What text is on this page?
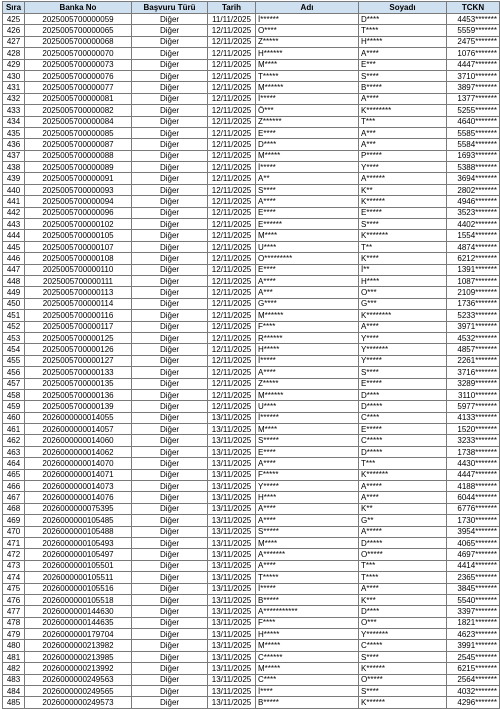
Sıra	Banka No	Başvuru Türü	Tarih	Adı	Soyadı	TCKN
425	2025005700000059	Diğer	11/11/2025	İ******	D****	4453*******
426	2025005700000065	Diğer	12/11/2025	O****	T****	5559*******
427	2025005700000068	Diğer	12/11/2025	Z*****	H*****	2475*******
428	2025005700000070	Diğer	12/11/2025	H******	A****	1076*******
429	2025005700000073	Diğer	12/11/2025	M****	E***	4447*******
430	2025005700000076	Diğer	12/11/2025	T*****	S****	3710*******
431	2025005700000077	Diğer	12/11/2025	M******	B*****	3897*******
432	2025005700000081	Diğer	12/11/2025	İ*****	A****	1377*******
433	2025005700000082	Diğer	12/11/2025	Ö***	K********	5255*******
434	2025005700000084	Diğer	12/11/2025	Z******	T***	4640*******
435	2025005700000085	Diğer	12/11/2025	E****	A***	5585*******
436	2025005700000087	Diğer	12/11/2025	D****	A***	5584*******
437	2025005700000088	Diğer	12/11/2025	M*****	P*****	1693*******
438	2025005700000089	Diğer	12/11/2025	İ*****	Y****	5388*******
439	2025005700000091	Diğer	12/11/2025	A**	A******	3694*******
440	2025005700000093	Diğer	12/11/2025	S****	K**	2802*******
441	2025005700000094	Diğer	12/11/2025	A****	K******	4946*******
442	2025005700000096	Diğer	12/11/2025	E****	E*****	3523*******
443	2025005700000102	Diğer	12/11/2025	E******	S****	4402*******
444	2025005700000105	Diğer	12/11/2025	M****	K*******	1554*******
445	2025005700000107	Diğer	12/11/2025	U****	T**	4874*******
446	2025005700000108	Diğer	12/11/2025	O*********	K****	6212*******
447	2025005700000110	Diğer	12/11/2025	E****	İ**	1391*******
448	2025005700000111	Diğer	12/11/2025	A****	H****	1087*******
449	2025005700000113	Diğer	12/11/2025	A***	O***	2109*******
450	2025005700000114	Diğer	12/11/2025	G****	G***	1736*******
451	2025005700000116	Diğer	12/11/2025	M******	K********	5233*******
452	2025005700000117	Diğer	12/11/2025	F****	A****	3971*******
453	2025005700000125	Diğer	12/11/2025	R******	Y****	4532*******
454	2025005700000126	Diğer	12/11/2025	H*****	Y*******	4857*******
455	2025005700000127	Diğer	12/11/2025	İ*****	Y*****	2261*******
456	2025005700000133	Diğer	12/11/2025	A****	S****	3716*******
457	2025005700000135	Diğer	12/11/2025	Z*****	E*****	3289*******
458	2025005700000136	Diğer	12/11/2025	M******	D****	3110*******
459	2025005700000139	Diğer	12/11/2025	U****	D*****	5977*******
460	2026000000014055	Diğer	13/11/2025	İ******	C****	4133*******
461	2026000000014057	Diğer	13/11/2025	M****	E*****	1520*******
462	2026000000014060	Diğer	13/11/2025	S*****	C*****	3233*******
463	2026000000014062	Diğer	13/11/2025	E****	D*****	1738*******
464	2026000000014070	Diğer	13/11/2025	A****	T***	4430*******
465	2026000000014071	Diğer	13/11/2025	F*****	K*******	4447*******
466	2026000000014073	Diğer	13/11/2025	Y*****	A*****	4188*******
467	2026000000014076	Diğer	13/11/2025	H****	A****	6044*******
468	2026000000075395	Diğer	13/11/2025	A****	K**	6776*******
469	2026000000105485	Diğer	13/11/2025	A****	G**	1730*******
470	2026000000105488	Diğer	13/11/2025	S*****	A*****	3954*******
471	2026000000105493	Diğer	13/11/2025	M****	D*****	4065*******
472	2026000000105497	Diğer	13/11/2025	A*******	O*****	4697*******
473	2026000000105501	Diğer	13/11/2025	A****	T***	4414*******
474	2026000000105511	Diğer	13/11/2025	T*****	T****	2365*******
475	2026000000105516	Diğer	13/11/2025	İ*****	A****	3845*******
476	2026000000105518	Diğer	13/11/2025	B*****	K***	5540*******
477	2026000000144630	Diğer	13/11/2025	A***********	D****	3397*******
478	2026000000144635	Diğer	13/11/2025	F****	O***	1821*******
479	2026000000179704	Diğer	13/11/2025	H*****	Y*******	4623*******
480	2026000000213982	Diğer	13/11/2025	M*****	C*****	3991*******
481	2026000000213985	Diğer	13/11/2025	C******	S****	2545*******
482	2026000000213992	Diğer	13/11/2025	M*****	K******	6215*******
483	2026000000249563	Diğer	13/11/2025	C****	O*****	2564*******
484	2026000000249565	Diğer	13/11/2025	İ****	S****	4032*******
485	2026000000249573	Diğer	13/11/2025	B*****	K******	4296*******
